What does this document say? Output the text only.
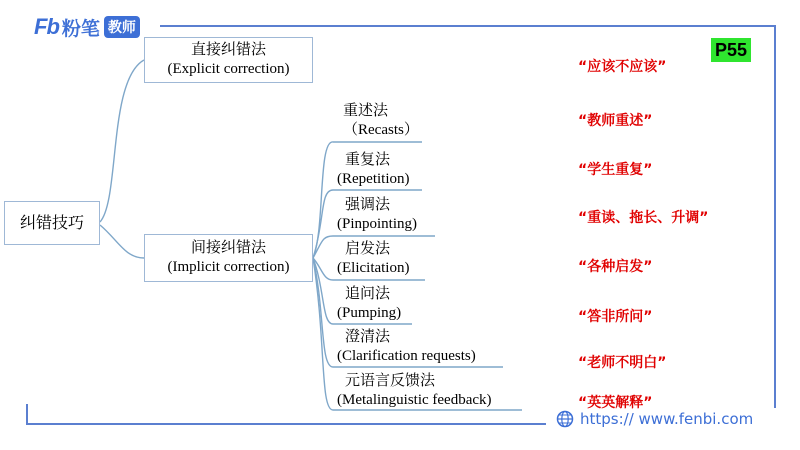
Fb 粉笔 教师
P55
纠错技巧
直接纠错法
(Explicit correction)
间接纠错法
(Implicit correction)
“应该不应该”
重述法
（Recasts）
重复法
(Repetition)
强调法
(Pinpointing)
启发法
(Elicitation)
追问法
(Pumping)
澄清法
(Clarification requests)
元语言反馈法
(Metalinguistic feedback)
“教师重述”
“学生重复”
“重读、拖长、升调”
“各种启发”
“答非所问”
“老师不明白”
“英英解释”
https:// www.fenbi.com
